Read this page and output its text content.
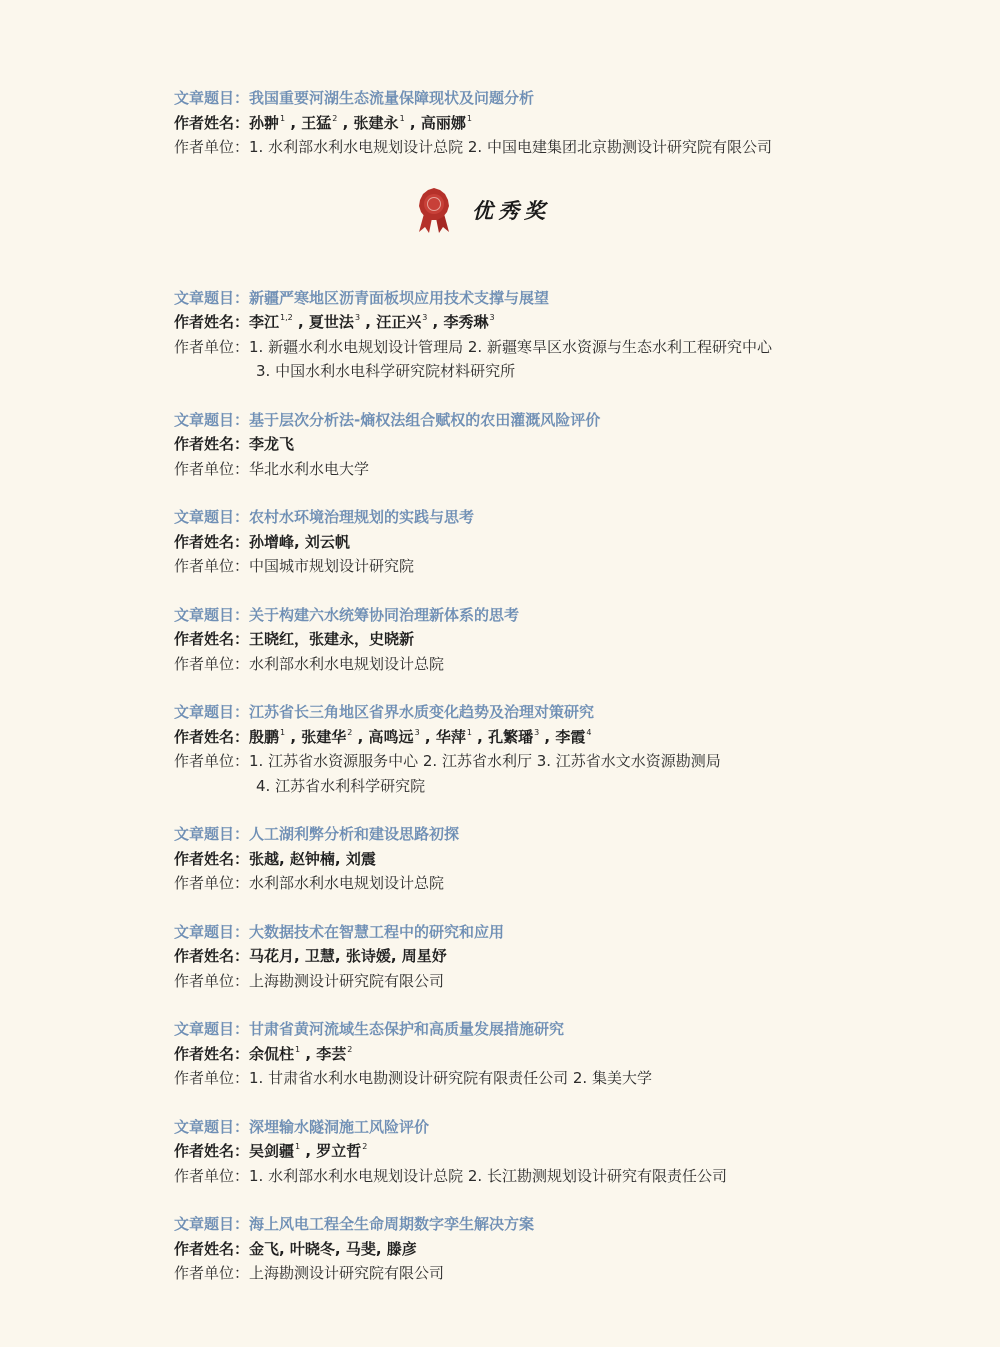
文章题目：我国重要河湖生态流量保障现状及问题分析
作者姓名：孙翀$^1$ , 王猛$^2$ , 张建永$^1$ , 高丽娜$^1$
作者单位：1. 水利部水利水电规划设计总院 2. 中国电建集团北京勘测设计研究院有限公司
优秀奖
文章题目：新疆严寒地区沥青面板坝应用技术支撑与展望
作者姓名：李江$^{1,2}$ , 夏世法$^3$ , 汪正兴$^3$ , 李秀琳$^3$
作者单位：1. 新疆水利水电规划设计管理局 2. 新疆寒旱区水资源与生态水利工程研究中心
3. 中国水利水电科学研究院材料研究所
文章题目：基于层次分析法-熵权法组合赋权的农田灌溉风险评价
作者姓名：李龙飞
作者单位：华北水利水电大学
文章题目：农村水环境治理规划的实践与思考
作者姓名：孙增峰, 刘云帆
作者单位：中国城市规划设计研究院
文章题目：关于构建六水统筹协同治理新体系的思考
作者姓名：王晓红，张建永，史晓新
作者单位：水利部水利水电规划设计总院
文章题目：江苏省长三角地区省界水质变化趋势及治理对策研究
作者姓名：殷鹏$^1$ , 张建华$^2$ , 高鸣远$^3$ , 华萍$^1$ , 孔繁璠$^3$ , 李霞$^4$
作者单位：1. 江苏省水资源服务中心 2. 江苏省水利厅 3. 江苏省水文水资源勘测局
4. 江苏省水利科学研究院
文章题目：人工湖利弊分析和建设思路初探
作者姓名：张越, 赵钟楠, 刘震
作者单位：水利部水利水电规划设计总院
文章题目：大数据技术在智慧工程中的研究和应用
作者姓名：马花月, 卫慧, 张诗媛, 周星妤
作者单位：上海勘测设计研究院有限公司
文章题目：甘肃省黄河流域生态保护和高质量发展措施研究
作者姓名：余侃柱$^1$ , 李芸$^2$
作者单位：1. 甘肃省水利水电勘测设计研究院有限责任公司 2. 集美大学
文章题目：深埋输水隧洞施工风险评价
作者姓名：吴剑疆$^1$ , 罗立哲$^2$
作者单位：1. 水利部水利水电规划设计总院 2. 长江勘测规划设计研究有限责任公司
文章题目：海上风电工程全生命周期数字孪生解决方案
作者姓名：金飞, 叶晓冬, 马斐, 滕彦
作者单位：上海勘测设计研究院有限公司
